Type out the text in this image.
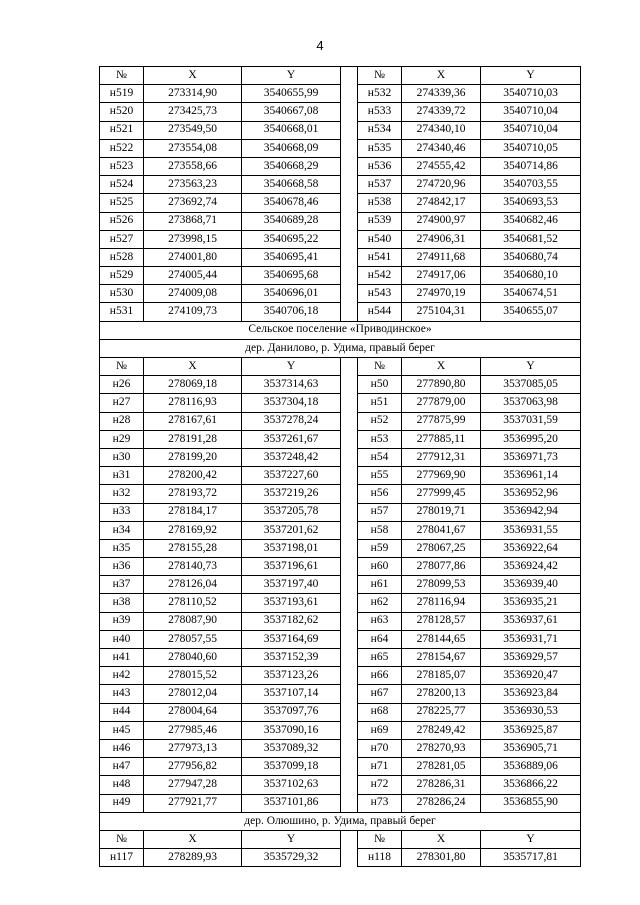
4
№	X	Y		№	X	Y
н519	273314,90	3540655,99		н532	274339,36	3540710,03
н520	273425,73	3540667,08		н533	274339,72	3540710,04
н521	273549,50	3540668,01		н534	274340,10	3540710,04
н522	273554,08	3540668,09		н535	274340,46	3540710,05
н523	273558,66	3540668,29		н536	274555,42	3540714,86
н524	273563,23	3540668,58		н537	274720,96	3540703,55
н525	273692,74	3540678,46		н538	274842,17	3540693,53
н526	273868,71	3540689,28		н539	274900,97	3540682,46
н527	273998,15	3540695,22		н540	274906,31	3540681,52
н528	274001,80	3540695,41		н541	274911,68	3540680,74
н529	274005,44	3540695,68		н542	274917,06	3540680,10
н530	274009,08	3540696,01		н543	274970,19	3540674,51
н531	274109,73	3540706,18		н544	275104,31	3540655,07
Сельское поселение «Приводинское»						
дер. Данилово, р. Удима, правый берег						
№	X	Y		№	X	Y
н26	278069,18	3537314,63		н50	277890,80	3537085,05
н27	278116,93	3537304,18		н51	277879,00	3537063,98
н28	278167,61	3537278,24		н52	277875,99	3537031,59
н29	278191,28	3537261,67		н53	277885,11	3536995,20
н30	278199,20	3537248,42		н54	277912,31	3536971,73
н31	278200,42	3537227,60		н55	277969,90	3536961,14
н32	278193,72	3537219,26		н56	277999,45	3536952,96
н33	278184,17	3537205,78		н57	278019,71	3536942,94
н34	278169,92	3537201,62		н58	278041,67	3536931,55
н35	278155,28	3537198,01		н59	278067,25	3536922,64
н36	278140,73	3537196,61		н60	278077,86	3536924,42
н37	278126,04	3537197,40		н61	278099,53	3536939,40
н38	278110,52	3537193,61		н62	278116,94	3536935,21
н39	278087,90	3537182,62		н63	278128,57	3536937,61
н40	278057,55	3537164,69		н64	278144,65	3536931,71
н41	278040,60	3537152,39		н65	278154,67	3536929,57
н42	278015,52	3537123,26		н66	278185,07	3536920,47
н43	278012,04	3537107,14		н67	278200,13	3536923,84
н44	278004,64	3537097,76		н68	278225,77	3536930,53
н45	277985,46	3537090,16		н69	278249,42	3536925,87
н46	277973,13	3537089,32		н70	278270,93	3536905,71
н47	277956,82	3537099,18		н71	278281,05	3536889,06
н48	277947,28	3537102,63		н72	278286,31	3536866,22
н49	277921,77	3537101,86		н73	278286,24	3536855,90
дер. Олюшино, р. Удима, правый берег						
№	X	Y		№	X	Y
н117	278289,93	3535729,32		н118	278301,80	3535717,81
